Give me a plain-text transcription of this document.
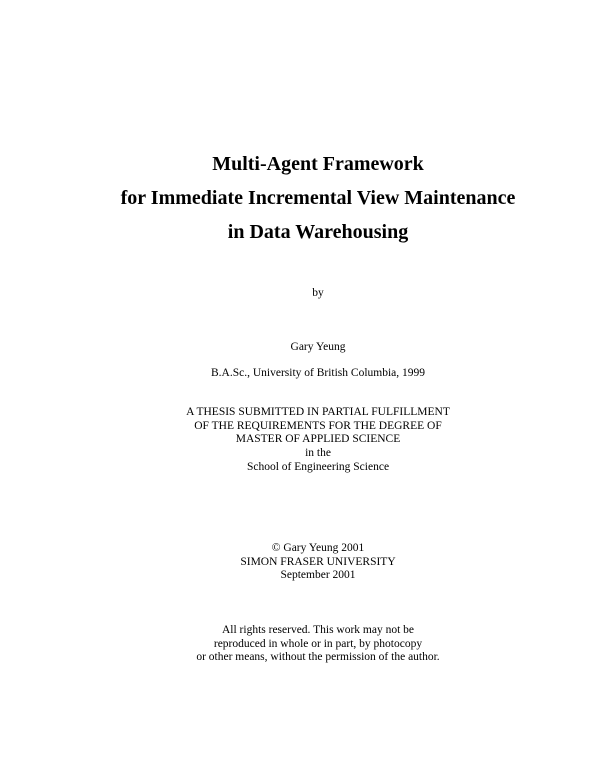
Multi-Agent Framework
for Immediate Incremental View Maintenance
in Data Warehousing
by
Gary Yeung
B.A.Sc., University of British Columbia, 1999
A THESIS SUBMITTED IN PARTIAL FULFILLMENT
OF THE REQUIREMENTS FOR THE DEGREE OF
MASTER OF APPLIED SCIENCE
in the
School of Engineering Science
© Gary Yeung 2001
SIMON FRASER UNIVERSITY
September 2001
All rights reserved. This work may not be
reproduced in whole or in part, by photocopy
or other means, without the permission of the author.
